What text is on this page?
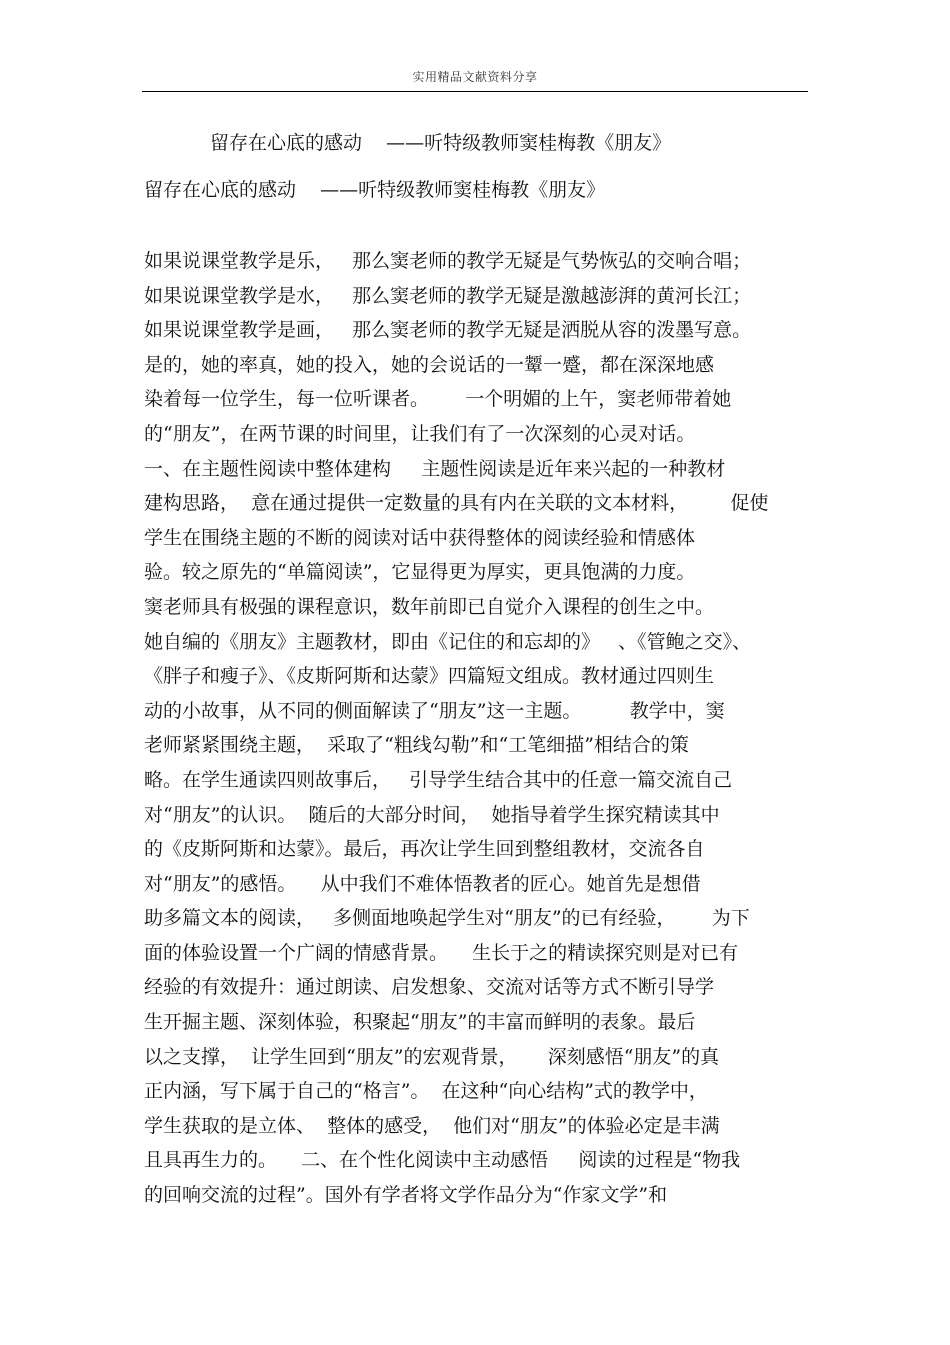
实用精品文献资料分享
留存在心底的感动    ——听特级教师窦桂梅教《朋友》
留存在心底的感动    ——听特级教师窦桂梅教《朋友》
如果说课堂教学是乐，   那么窦老师的教学无疑是气势恢弘的交响合唱；
如果说课堂教学是水，   那么窦老师的教学无疑是激越澎湃的黄河长江；
如果说课堂教学是画，   那么窦老师的教学无疑是洒脱从容的泼墨写意。
是的，她的率真，她的投入，她的会说话的一颦一蹙，都在深深地感
染着每一位学生，每一位听课者。      一个明媚的上午，窦老师带着她
的“朋友”，在两节课的时间里，让我们有了一次深刻的心灵对话。
一、在主题性阅读中整体建构     主题性阅读是近年来兴起的一种教材
建构思路，  意在通过提供一定数量的具有内在关联的文本材料，       促使
学生在围绕主题的不断的阅读对话中获得整体的阅读经验和情感体
验。较之原先的“单篇阅读”，它显得更为厚实，更具饱满的力度。
窦老师具有极强的课程意识，数年前即已自觉介入课程的创生之中。
她自编的《朋友》主题教材，即由《记住的和忘却的》   、《管鲍之交》、
《胖子和瘦子》、《皮斯阿斯和达蒙》四篇短文组成。教材通过四则生
动的小故事，从不同的侧面解读了“朋友”这一主题。        教学中，窦
老师紧紧围绕主题，  采取了“粗线勾勒”和“工笔细描”相结合的策
略。在学生通读四则故事后，   引导学生结合其中的任意一篇交流自己
对“朋友”的认识。  随后的大部分时间，  她指导着学生探究精读其中
的《皮斯阿斯和达蒙》。最后，再次让学生回到整组教材，交流各自
对“朋友”的感悟。    从中我们不难体悟教者的匠心。她首先是想借
助多篇文本的阅读，   多侧面地唤起学生对“朋友”的已有经验，      为下
面的体验设置一个广阔的情感背景。    生长于之的精读探究则是对已有
经验的有效提升：通过朗读、启发想象、交流对话等方式不断引导学
生开掘主题、深刻体验，积聚起“朋友”的丰富而鲜明的表象。最后
以之支撑，  让学生回到“朋友”的宏观背景，     深刻感悟“朋友”的真
正内涵，写下属于自己的“格言”。  在这种“向心结构”式的教学中，
学生获取的是立体、  整体的感受，  他们对“朋友”的体验必定是丰满
且具再生力的。    二、在个性化阅读中主动感悟     阅读的过程是“物我
的回响交流的过程”。国外有学者将文学作品分为“作家文学”和
